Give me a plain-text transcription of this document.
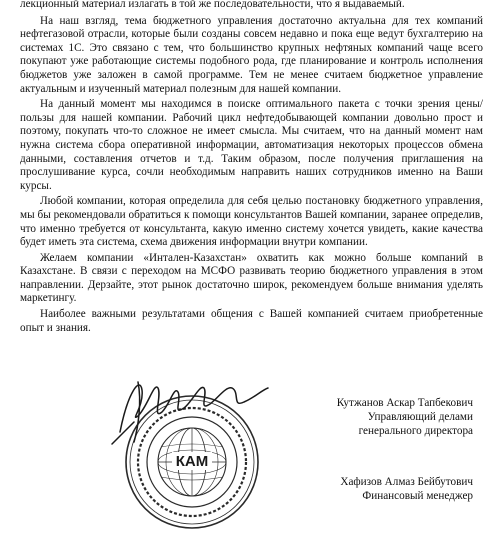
лекционный материал излагать в той же последовательности, что я выдаваемый.

На наш взгляд, тема бюджетного управления достаточно актуальна для тех компаний нефтегазовой отрасли, которые были созданы совсем недавно и пока еще ведут бухгалтерию на системах 1С. Это связано с тем, что большинство крупных нефтяных компаний чаще всего покупают уже работающие системы подобного рода, где планирование и контроль исполнения бюджетов уже заложен в самой программе. Тем не менее считаем бюджетное управление актуальным и изученный материал полезным для нашей компании.

На данный момент мы находимся в поиске оптимального пакета с точки зрения цены/пользы для нашей компании. Рабочий цикл нефтедобывающей компании довольно прост и поэтому, покупать что-то сложное не имеет смысла. Мы считаем, что на данный момент нам нужна система сбора оперативной информации, автоматизация некоторых процессов обмена данными, составления отчетов и т.д. Таким образом, после получения приглашения на прослушивание курса, сочли необходимым направить наших сотрудников именно на Ваши курсы.

Любой компании, которая определила для себя целью постановку бюджетного управления, мы бы рекомендовали обратиться к помощи консультантов Вашей компании, заранее определив, что именно требуется от консультанта, какую именно систему хочется увидеть, какие качества будет иметь эта система, схема движения информации внутри компании.

Желаем компании «Интален-Казахстан» охватить как можно больше компаний в Казахстане. В связи с переходом на МСФО развивать теорию бюджетного управления в этом направлении. Дерзайте, этот рынок достаточно широк, рекомендуем больше внимания уделять маркетингу.

Наиболее важными результатами общения с Вашей компанией считаем приобретенные опыт и знания.

КАМ
Кутжанов Аскар Тапбекович
Управляющий делами
генерального директора
Хафизов Алмаз Бейбутович
Финансовый менеджер
